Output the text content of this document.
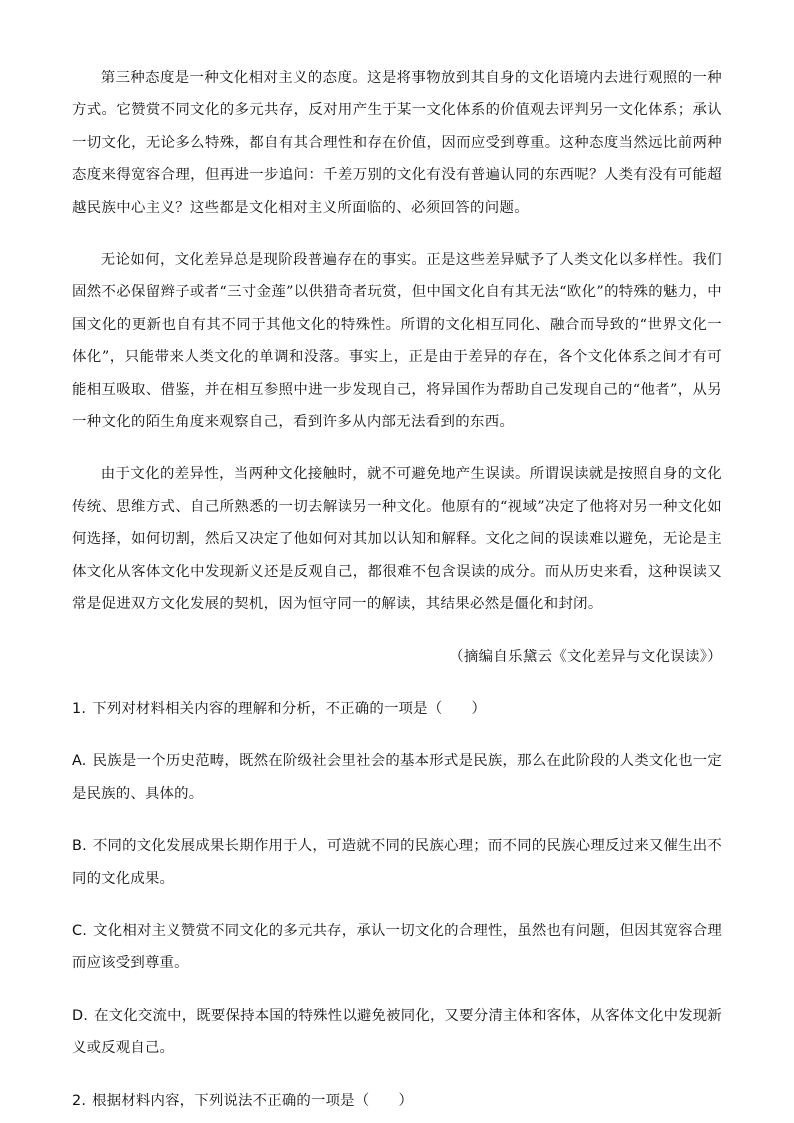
第三种态度是一种文化相对主义的态度。这是将事物放到其自身的文化语境内去进行观照的一种方式。它赞赏不同文化的多元共存，反对用产生于某一文化体系的价值观去评判另一文化体系；承认一切文化，无论多么特殊，都自有其合理性和存在价值，因而应受到尊重。这种态度当然远比前两种态度来得宽容合理，但再进一步追问：千差万别的文化有没有普遍认同的东西呢？人类有没有可能超越民族中心主义？这些都是文化相对主义所面临的、必须回答的问题。

无论如何，文化差异总是现阶段普遍存在的事实。正是这些差异赋予了人类文化以多样性。我们固然不必保留辫子或者“三寸金莲”以供猎奇者玩赏，但中国文化自有其无法“欧化”的特殊的魅力，中国文化的更新也自有其不同于其他文化的特殊性。所谓的文化相互同化、融合而导致的“世界文化一体化”，只能带来人类文化的单调和没落。事实上，正是由于差异的存在，各个文化体系之间才有可能相互吸取、借鉴，并在相互参照中进一步发现自己，将异国作为帮助自己发现自己的“他者”，从另一种文化的陌生角度来观察自己，看到许多从内部无法看到的东西。

由于文化的差异性，当两种文化接触时，就不可避免地产生误读。所谓误读就是按照自身的文化传统、思维方式、自己所熟悉的一切去解读另一种文化。他原有的“视域”决定了他将对另一种文化如何选择，如何切割，然后又决定了他如何对其加以认知和解释。文化之间的误读难以避免，无论是主体文化从客体文化中发现新义还是反观自己，都很难不包含误读的成分。而从历史来看，这种误读又常是促进双方文化发展的契机，因为恒守同一的解读，其结果必然是僵化和封闭。

（摘编自乐黛云《文化差异与文化误读》）

1. 下列对材料相关内容的理解和分析，不正确的一项是（　　）

A. 民族是一个历史范畴，既然在阶级社会里社会的基本形式是民族，那么在此阶段的人类文化也一定是民族的、具体的。

B. 不同的文化发展成果长期作用于人，可造就不同的民族心理；而不同的民族心理反过来又催生出不同的文化成果。

C. 文化相对主义赞赏不同文化的多元共存，承认一切文化的合理性，虽然也有问题，但因其宽容合理而应该受到尊重。

D. 在文化交流中，既要保持本国的特殊性以避免被同化，又要分清主体和客体，从客体文化中发现新义或反观自己。

2. 根据材料内容，下列说法不正确的一项是（　　）
